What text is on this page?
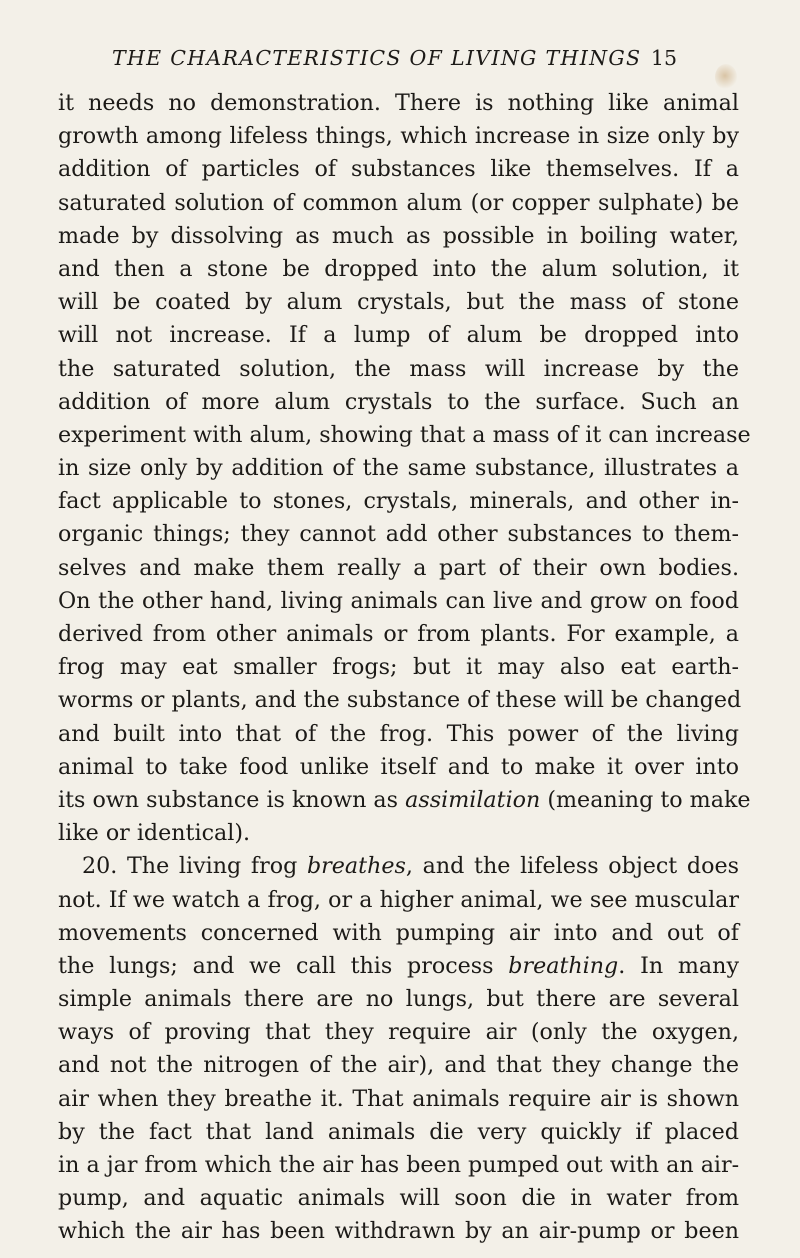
THE CHARACTERISTICS OF LIVING THINGS 15
it needs no demonstration. There is nothing like animal
growth among lifeless things, which increase in size only by
addition of particles of substances like themselves. If a
saturated solution of common alum (or copper sulphate) be
made by dissolving as much as possible in boiling water,
and then a stone be dropped into the alum solution, it
will be coated by alum crystals, but the mass of stone
will not increase. If a lump of alum be dropped into
the saturated solution, the mass will increase by the
addition of more alum crystals to the surface. Such an
experiment with alum, showing that a mass of it can increase
in size only by addition of the same substance, illustrates a
fact applicable to stones, crystals, minerals, and other in-
organic things; they cannot add other substances to them-
selves and make them really a part of their own bodies.
On the other hand, living animals can live and grow on food
derived from other animals or from plants. For example, a
frog may eat smaller frogs; but it may also eat earth-
worms or plants, and the substance of these will be changed
and built into that of the frog. This power of the living
animal to take food unlike itself and to make it over into
its own substance is known as assimilation (meaning to make
like or identical).
20. The living frog breathes, and the lifeless object does
not. If we watch a frog, or a higher animal, we see muscular
movements concerned with pumping air into and out of
the lungs; and we call this process breathing. In many
simple animals there are no lungs, but there are several
ways of proving that they require air (only the oxygen,
and not the nitrogen of the air), and that they change the
air when they breathe it. That animals require air is shown
by the fact that land animals die very quickly if placed
in a jar from which the air has been pumped out with an air-
pump, and aquatic animals will soon die in water from
which the air has been withdrawn by an air-pump or been
